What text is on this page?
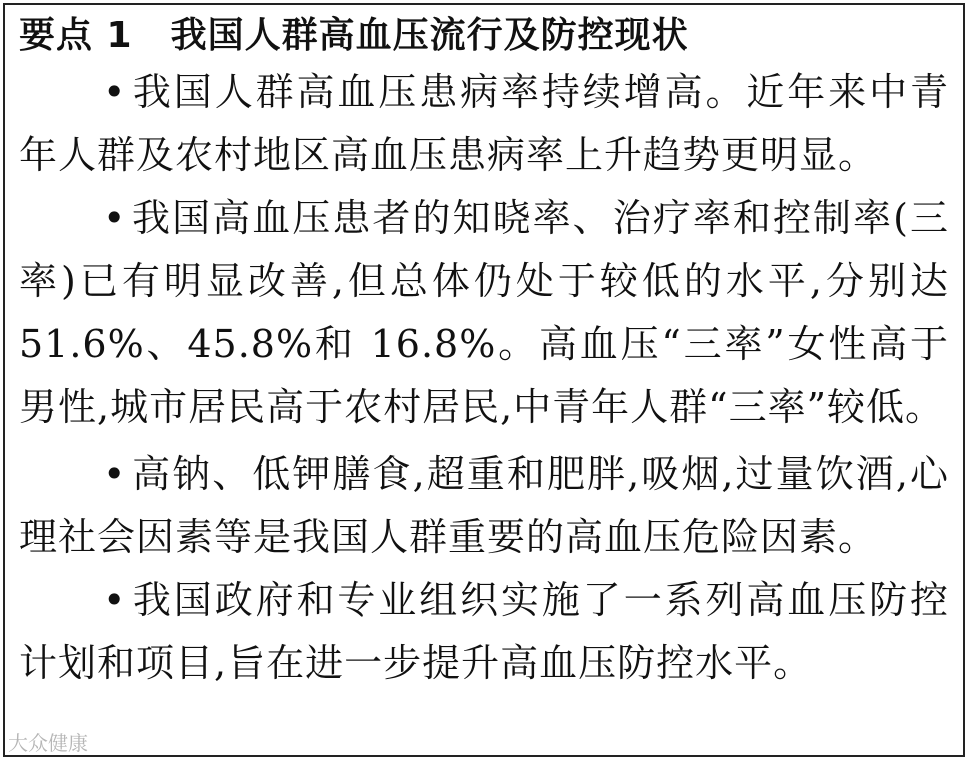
要点 1 我国人群高血压流行及防控现状

• 我国人群高血压患病率持续增高。近年来中青年人群及农村地区高血压患病率上升趋势更明显。

• 我国高血压患者的知晓率、治疗率和控制率(三率)已有明显改善,但总体仍处于较低的水平,分别达 51.6%、45.8%和 16.8%。高血压“三率”女性高于男性,城市居民高于农村居民,中青年人群“三率”较低。

• 高钠、低钾膳食,超重和肥胖,吸烟,过量饮酒,心理社会因素等是我国人群重要的高血压危险因素。

• 我国政府和专业组织实施了一系列高血压防控计划和项目,旨在进一步提升高血压防控水平。

大众健康
